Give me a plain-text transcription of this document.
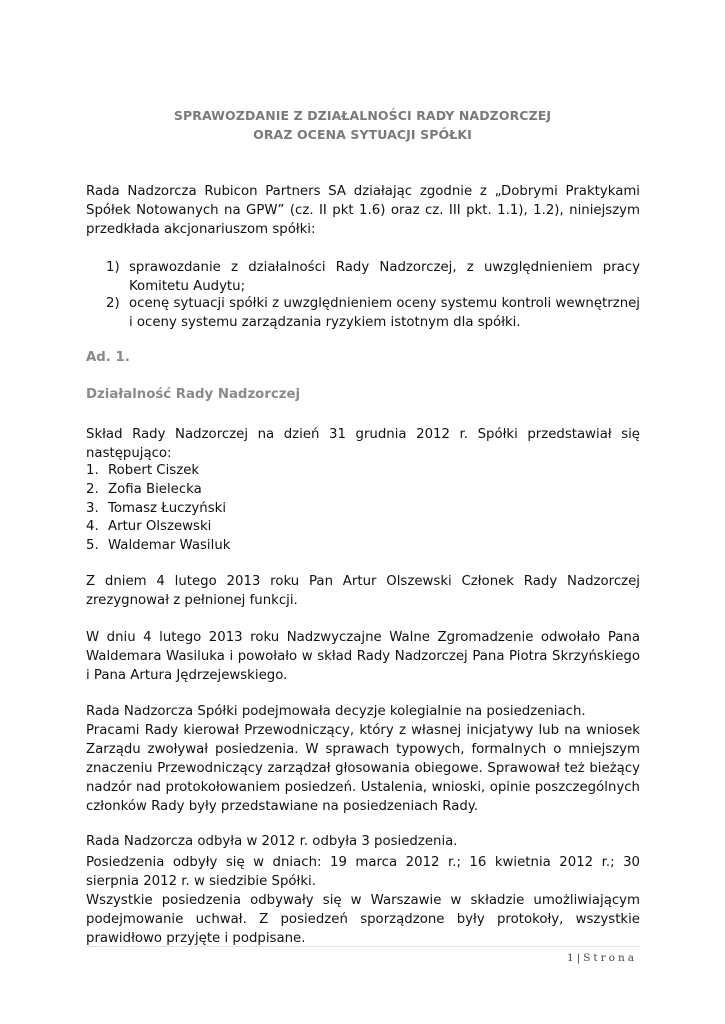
SPRAWOZDANIE Z DZIAŁALNOŚCI RADY NADZORCZEJ
ORAZ OCENA SYTUACJI SPÓŁKI
Rada Nadzorcza Rubicon Partners SA działając zgodnie z „Dobrymi Praktykami Spółek Notowanych na GPW” (cz. II pkt 1.6) oraz cz. III pkt. 1.1), 1.2), niniejszym przedkłada akcjonariuszom spółki:
1) sprawozdanie z działalności Rady Nadzorczej, z uwzględnieniem pracy Komitetu Audytu;
2) ocenę sytuacji spółki z uwzględnieniem oceny systemu kontroli wewnętrznej i oceny systemu zarządzania ryzykiem istotnym dla spółki.
Ad. 1.
Działalność Rady Nadzorczej
Skład Rady Nadzorczej na dzień 31 grudnia 2012 r. Spółki przedstawiał się następująco:
1. Robert Ciszek
2. Zofia Bielecka
3. Tomasz Łuczyński
4. Artur Olszewski
5. Waldemar Wasiluk
Z dniem 4 lutego 2013 roku Pan Artur Olszewski Członek Rady Nadzorczej zrezygnował z pełnionej funkcji.
W dniu 4 lutego 2013 roku Nadzwyczajne Walne Zgromadzenie odwołało Pana Waldemara Wasiluka i powołało w skład Rady Nadzorczej Pana Piotra Skrzyńskiego i Pana Artura Jędrzejewskiego.
Rada Nadzorcza Spółki podejmowała decyzje kolegialnie na posiedzeniach.
Pracami Rady kierował Przewodniczący, który z własnej inicjatywy lub na wniosek Zarządu zwoływał posiedzenia. W sprawach typowych, formalnych o mniejszym znaczeniu Przewodniczący zarządzał głosowania obiegowe. Sprawował też bieżący nadzór nad protokołowaniem posiedzeń. Ustalenia, wnioski, opinie poszczególnych członków Rady były przedstawiane na posiedzeniach Rady.
Rada Nadzorcza odbyła w 2012 r. odbyła 3 posiedzenia.
Posiedzenia odbyły się w dniach: 19 marca 2012 r.; 16 kwietnia 2012 r.; 30 sierpnia 2012 r. w siedzibie Spółki.
Wszystkie posiedzenia odbywały się w Warszawie w składzie umożliwiającym podejmowanie uchwał. Z posiedzeń sporządzone były protokoły, wszystkie prawidłowo przyjęte i podpisane.
1|Strona
